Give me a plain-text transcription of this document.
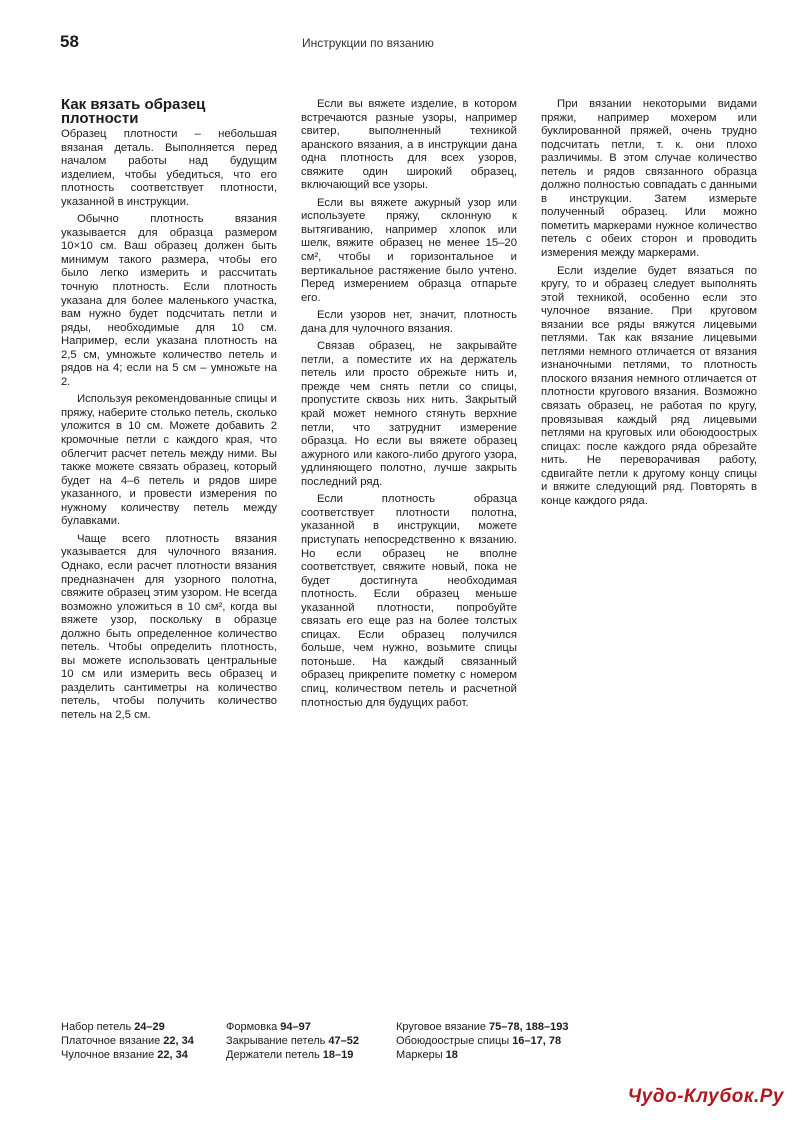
58	Инструкции по вязанию
Как вязать образец плотности

Образец плотности – небольшая вязаная деталь. Выполняется перед началом работы над будущим изделием, чтобы убедиться, что его плотность соответствует плотности, указанной в инструкции.

Обычно плотность вязания указывается для образца размером 10×10 см. Ваш образец должен быть минимум такого размера, чтобы его было легко измерить и рассчитать точную плотность. Если плотность указана для более маленького участка, вам нужно будет подсчитать петли и ряды, необходимые для 10 см. Например, если указана плотность на 2,5 см, умножьте количество петель и рядов на 4; если на 5 см – умножьте на 2.

Используя рекомендованные спицы и пряжу, наберите столько петель, сколько уложится в 10 см. Можете добавить 2 кромочные петли с каждого края, что облегчит расчет петель между ними. Вы также можете связать образец, который будет на 4–6 петель и рядов шире указанного, и провести измерения по нужному количеству петель между булавками.

Чаще всего плотность вязания указывается для чулочного вязания. Однако, если расчет плотности вязания предназначен для узорного полотна, свяжите образец этим узором. Не всегда возможно уложиться в 10 см², когда вы вяжете узор, поскольку в образце должно быть определенное количество петель. Чтобы определить плотность, вы можете использовать центральные 10 см или измерить весь образец и разделить сантиметры на количество петель, чтобы получить количество петель на 2,5 см.

Если вы вяжете изделие, в котором встречаются разные узоры, например свитер, выполненный техникой аранского вязания, а в инструкции дана одна плотность для всех узоров, свяжите один широкий образец, включающий все узоры.

Если вы вяжете ажурный узор или используете пряжу, склонную к вытягиванию, например хлопок или шелк, вяжите образец не менее 15–20 см², чтобы и горизонтальное и вертикальное растяжение было учтено. Перед измерением образца отпарьте его.

Если узоров нет, значит, плотность дана для чулочного вязания.

Связав образец, не закрывайте петли, а поместите их на держатель петель или просто обрежьте нить и, прежде чем снять петли со спицы, пропустите сквозь них нить. Закрытый край может немного стянуть верхние петли, что затруднит измерение образца. Но если вы вяжете образец ажурного или какого-либо другого узора, удлиняющего полотно, лучше закрыть последний ряд.

Если плотность образца соответствует плотности полотна, указанной в инструкции, можете приступать непосредственно к вязанию. Но если образец не вполне соответствует, свяжите новый, пока не будет достигнута необходимая плотность. Если образец меньше указанной плотности, попробуйте связать его еще раз на более толстых спицах. Если образец получился больше, чем нужно, возьмите спицы потоньше. На каждый связанный образец прикрепите пометку с номером спиц, количеством петель и расчетной плотностью для будущих работ.

При вязании некоторыми видами пряжи, например мохером или буклированной пряжей, очень трудно подсчитать петли, т. к. они плохо различимы. В этом случае количество петель и рядов связанного образца должно полностью совпадать с данными в инструкции. Затем измерьте полученный образец. Или можно пометить маркерами нужное количество петель с обеих сторон и проводить измерения между маркерами.

Если изделие будет вязаться по кругу, то и образец следует выполнять этой техникой, особенно если это чулочное вязание. При круговом вязании все ряды вяжутся лицевыми петлями. Так как вязание лицевыми петлями немного отличается от вязания изнаночными петлями, то плотность плоского вязания немного отличается от плотности кругового вязания. Возможно связать образец, не работая по кругу, провязывая каждый ряд лицевыми петлями на круговых или обоюдоострых спицах: после каждого ряда обрезайте нить. Не переворачивая работу, сдвигайте петли к другому концу спицы и вяжите следующий ряд. Повторять в конце каждого ряда.

Набор петель 24–29
Платочное вязание 22, 34
Чулочное вязание 22, 34
Формовка 94–97
Закрывание петель 47–52
Держатели петель 18–19
Круговое вязание 75–78, 188–193
Обоюдоострые спицы 16–17, 78
Маркеры 18
Чудо-Клубок.Ру
